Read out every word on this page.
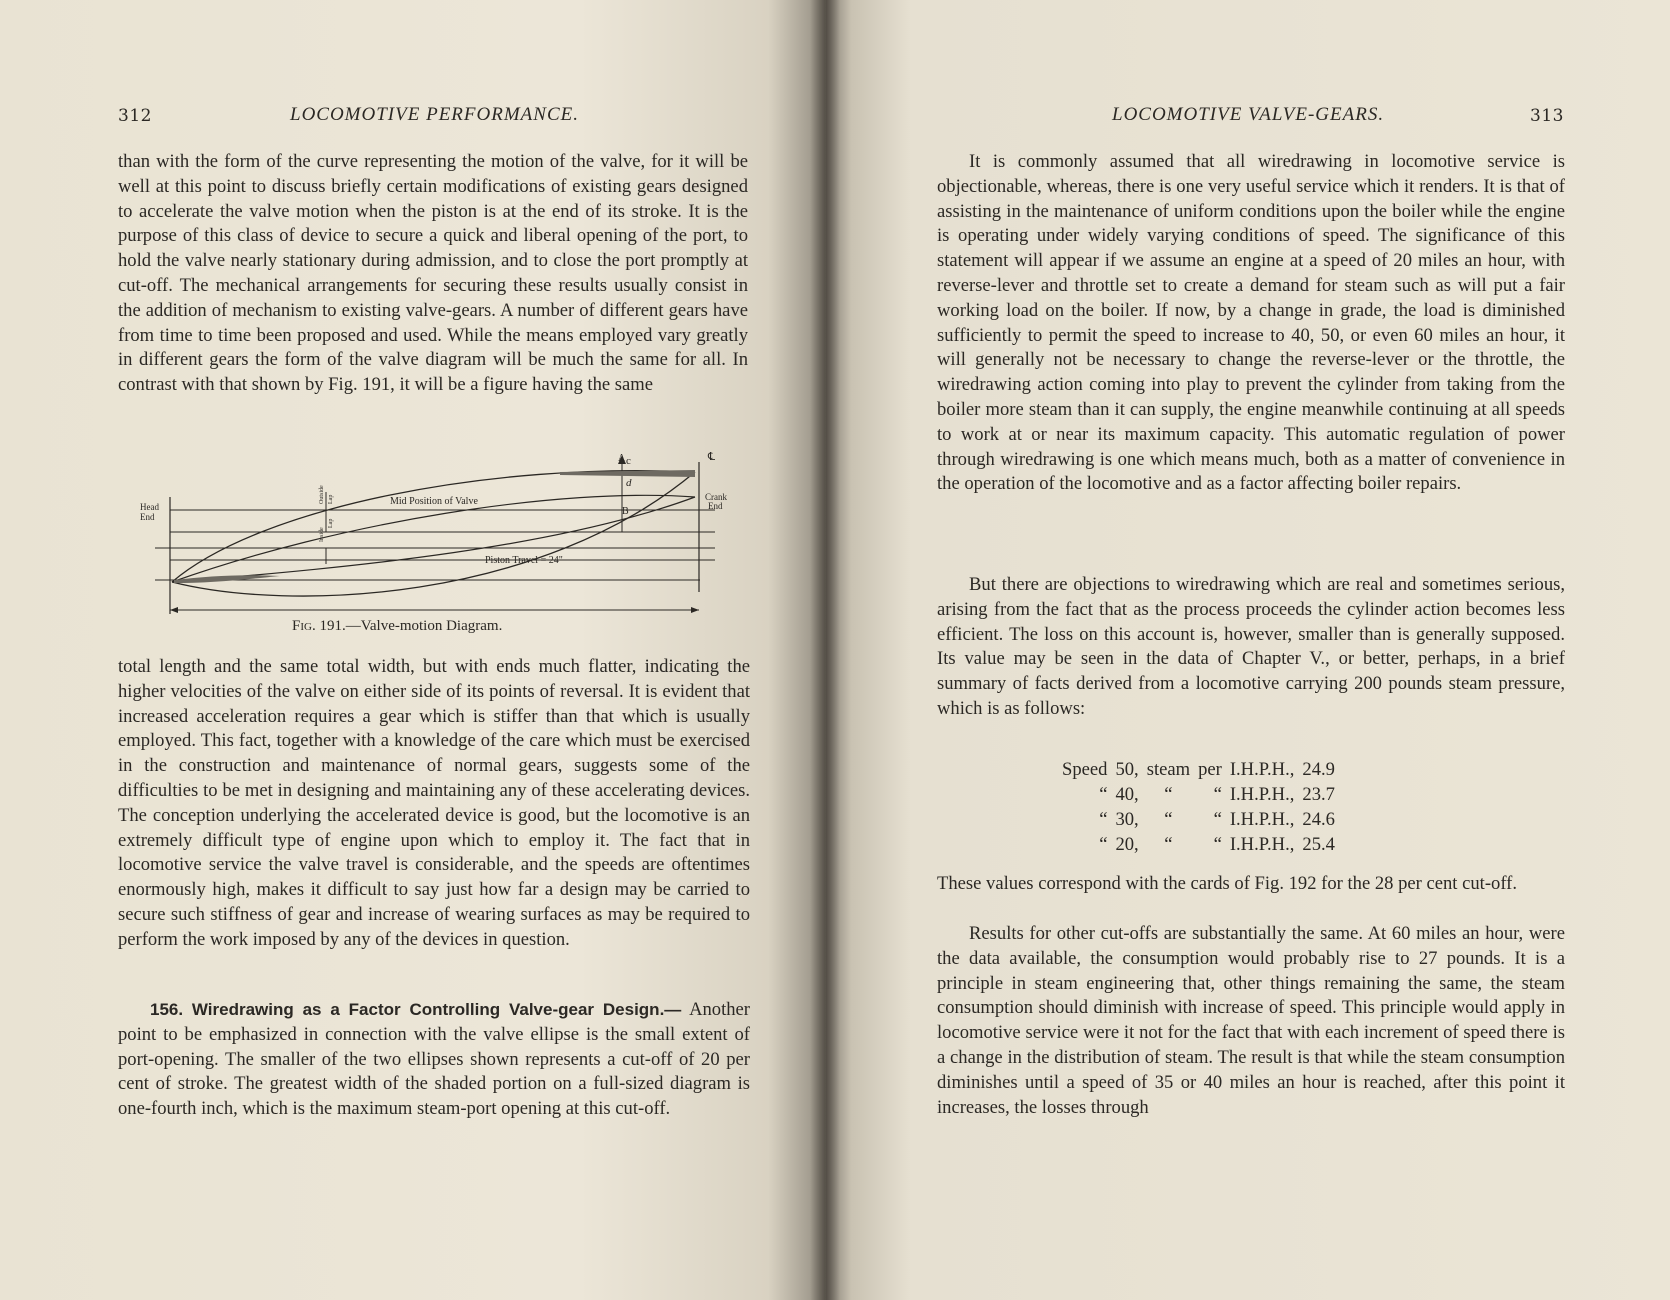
312	LOCOMOTIVE PERFORMANCE.

than with the form of the curve representing the motion of the valve, for it will be well at this point to discuss briefly certain modifications of existing gears designed to accelerate the valve motion when the piston is at the end of its stroke. It is the purpose of this class of device to secure a quick and liberal opening of the port, to hold the valve nearly stationary during admission, and to close the port promptly at cut-off. The mechanical arrangements for securing these results usually consist in the addition of mechanism to existing valve-gears. A number of different gears have from time to time been proposed and used. While the means employed vary greatly in different gears the form of the valve diagram will be much the same for all. In contrast with that shown by Fig. 191, it will be a figure having the same

Head
End
Crank
End
Mid Position of Valve
Piston Travel = 24"
A
B
c
d
℄
Lap
Lap
Outside
Inside
Fig. 191.—Valve-motion Diagram.

total length and the same total width, but with ends much flatter, indicating the higher velocities of the valve on either side of its points of reversal. It is evident that increased acceleration requires a gear which is stiffer than that which is usually employed. This fact, together with a knowledge of the care which must be exercised in the construction and maintenance of normal gears, suggests some of the difficulties to be met in designing and maintaining any of these accelerating devices. The conception underlying the accelerated device is good, but the locomotive is an extremely difficult type of engine upon which to employ it. The fact that in locomotive service the valve travel is considerable, and the speeds are oftentimes enormously high, makes it difficult to say just how far a design may be carried to secure such stiffness of gear and increase of wearing surfaces as may be required to perform the work imposed by any of the devices in question.

156. Wiredrawing as a Factor Controlling Valve-gear Design.— Another point to be emphasized in connection with the valve ellipse is the small extent of port-opening. The smaller of the two ellipses shown represents a cut-off of 20 per cent of stroke. The greatest width of the shaded portion on a full-sized diagram is one-fourth inch, which is the maximum steam-port opening at this cut-off.

LOCOMOTIVE VALVE-GEARS.	313

It is commonly assumed that all wiredrawing in locomotive service is objectionable, whereas, there is one very useful service which it renders. It is that of assisting in the maintenance of uniform conditions upon the boiler while the engine is operating under widely varying conditions of speed. The significance of this statement will appear if we assume an engine at a speed of 20 miles an hour, with reverse-lever and throttle set to create a demand for steam such as will put a fair working load on the boiler. If now, by a change in grade, the load is diminished sufficiently to permit the speed to increase to 40, 50, or even 60 miles an hour, it will generally not be necessary to change the reverse-lever or the throttle, the wiredrawing action coming into play to prevent the cylinder from taking from the boiler more steam than it can supply, the engine meanwhile continuing at all speeds to work at or near its maximum capacity. This automatic regulation of power through wiredrawing is one which means much, both as a matter of convenience in the operation of the locomotive and as a factor affecting boiler repairs.

But there are objections to wiredrawing which are real and sometimes serious, arising from the fact that as the process proceeds the cylinder action becomes less efficient. The loss on this account is, however, smaller than is generally supposed. Its value may be seen in the data of Chapter V., or better, perhaps, in a brief summary of facts derived from a locomotive carrying 200 pounds steam pressure, which is as follows:

Speed	50,	steam	per	I.H.P.H.,	24.9
“	40,	“	“	I.H.P.H.,	23.7
“	30,	“	“	I.H.P.H.,	24.6
“	20,	“	“	I.H.P.H.,	25.4

These values correspond with the cards of Fig. 192 for the 28 per cent cut-off.

Results for other cut-offs are substantially the same. At 60 miles an hour, were the data available, the consumption would probably rise to 27 pounds. It is a principle in steam engineering that, other things remaining the same, the steam consumption should diminish with increase of speed. This principle would apply in locomotive service were it not for the fact that with each increment of speed there is a change in the distribution of steam. The result is that while the steam consumption diminishes until a speed of 35 or 40 miles an hour is reached, after this point it increases, the losses through
